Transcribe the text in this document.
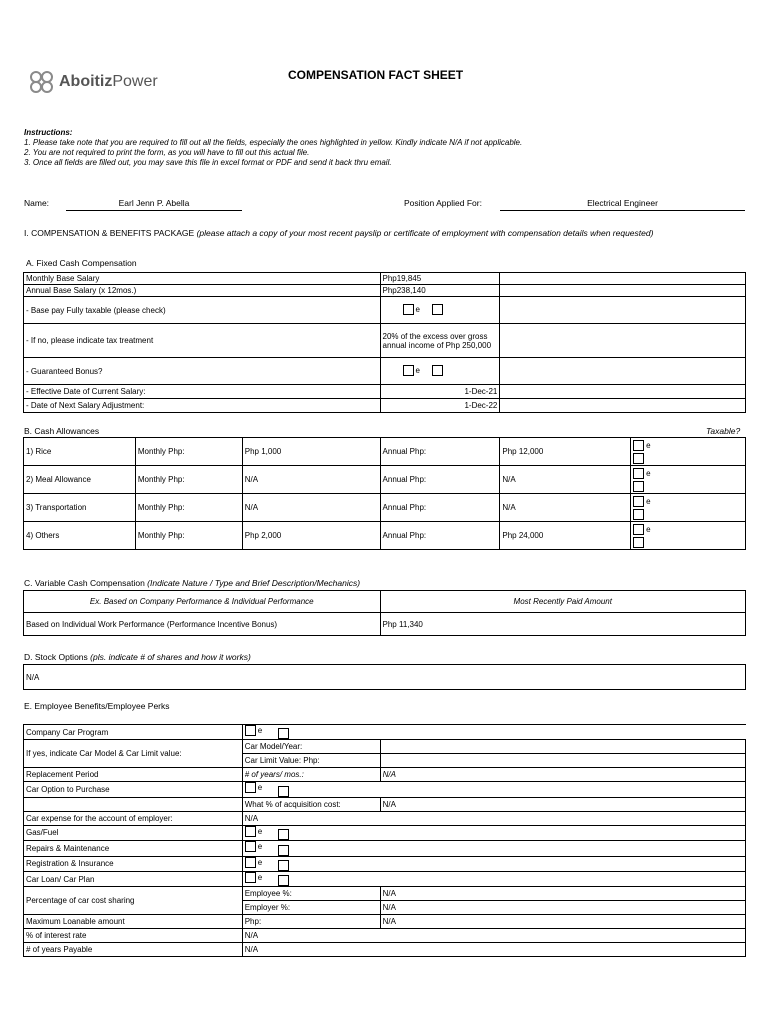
AboitizPower	COMPENSATION FACT SHEET
Instructions:
1. Please take note that you are required to fill out all the fields, especially the ones highlighted in yellow. Kindly indicate N/A if not applicable.
2. You are not required to print the form, as you will have to fill out this actual file.
3. Once all fields are filled out, you may save this file in excel format or PDF and send it back thru email.
Name:	Earl Jenn P. Abella	Position Applied For:	Electrical Engineer
I. COMPENSATION & BENEFITS PACKAGE (please attach a copy of your most recent payslip or certificate of employment with compensation details when requested)
A. Fixed Cash Compensation
Monthly Base Salary	Php19,845	
Annual Base Salary (x 12mos.)	Php238,140	
- Base pay Fully taxable (please check)	e	

- If no, please indicate tax treatment	20% of the excess over gross annual income of Php 250,000	
- Guaranteed Bonus?	e	

- Effective Date of Current Salary:	1-Dec-21	
- Date of Next Salary Adjustment:	1-Dec-22	
B. Cash Allowances	Taxable?
1) Rice	Monthly Php:	Php 1,000	Annual Php:	Php 12,000	e

2) Meal Allowance	Monthly Php:	N/A	Annual Php:	N/A	e

3) Transportation	Monthly Php:	N/A	Annual Php:	N/A	e

4) Others	Monthly Php:	Php 2,000	Annual Php:	Php 24,000	e
C. Variable Cash Compensation (Indicate Nature / Type and Brief Description/Mechanics)
Ex. Based on Company Performance & Individual Performance	Most Recently Paid Amount
Based on Individual Work Performance (Performance Incentive Bonus)	Php 11,340
D. Stock Options (pls. indicate # of shares and how it works)
N/A
E. Employee Benefits/Employee Perks
Company Car Program	e	

If yes, indicate Car Model & Car Limit value:	Car Model/Year:	
	Car Limit Value: Php:	
Replacement Period	# of years/ mos.:	N/A
Car Option to Purchase	e	

	What % of acquisition cost:	N/A
Car expense for the account of employer:	N/A	
Gas/Fuel	e	

Repairs & Maintenance	e	

Registration & Insurance	e	

Car Loan/ Car Plan	e	

Percentage of car cost sharing	Employee %:	N/A
	Employer %:	N/A
Maximum Loanable amount	Php:	N/A
% of interest rate	N/A	
# of years Payable	N/A	
